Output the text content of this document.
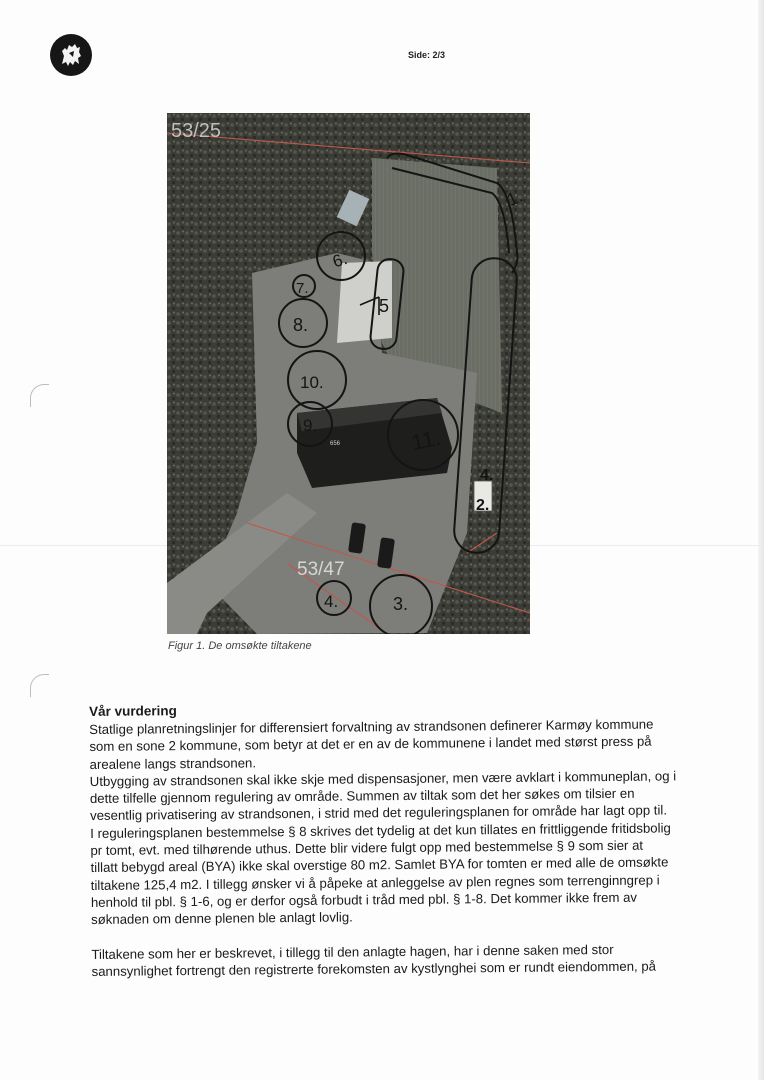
Side: 2/3
53/25
53/47
656
1.
2.
3.
4.
4.
5
6.
7.
8.
9.
10.
11.
Figur 1. De omsøkte tiltakene
Vår vurdering
Statlige planretningslinjer for differensiert forvaltning av strandsonen definerer Karmøy kommune
som en sone 2 kommune, som betyr at det er en av de kommunene i landet med størst press på
arealene langs strandsonen.
Utbygging av strandsonen skal ikke skje med dispensasjoner, men være avklart i kommuneplan, og i
dette tilfelle gjennom regulering av område. Summen av tiltak som det her søkes om tilsier en
vesentlig privatisering av strandsonen, i strid med det reguleringsplanen for område har lagt opp til.
I reguleringsplanen bestemmelse § 8 skrives det tydelig at det kun tillates en frittliggende fritidsbolig
pr tomt, evt. med tilhørende uthus. Dette blir videre fulgt opp med bestemmelse § 9 som sier at
tillatt bebygd areal (BYA) ikke skal overstige 80 m2. Samlet BYA for tomten er med alle de omsøkte
tiltakene 125,4 m2. I tillegg ønsker vi å påpeke at anleggelse av plen regnes som terrenginngrep i
henhold til pbl. § 1-6, og er derfor også forbudt i tråd med pbl. § 1-8. Det kommer ikke frem av
søknaden om denne plenen ble anlagt lovlig.
Tiltakene som her er beskrevet, i tillegg til den anlagte hagen, har i denne saken med stor
sannsynlighet fortrengt den registrerte forekomsten av kystlynghei som er rundt eiendommen, på
